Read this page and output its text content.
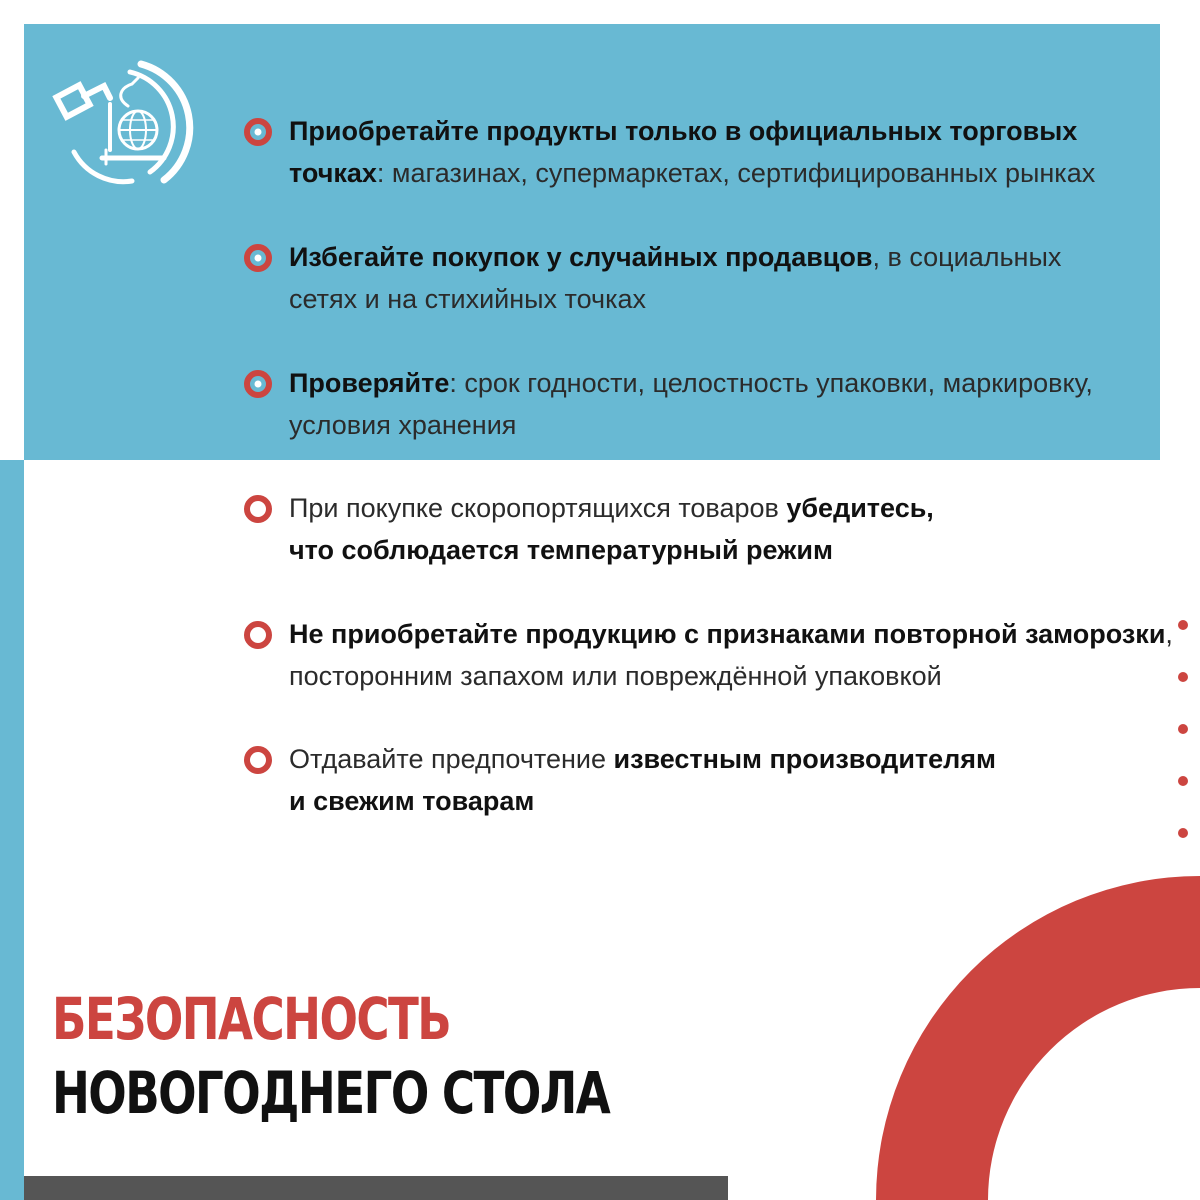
Приобретайте продукты только в официальных торговых точках: магазинах, супермаркетах, сертифицированных рынках
Избегайте покупок у случайных продавцов, в социальных сетях и на стихийных точках
Проверяйте: срок годности, целостность упаковки, маркировку, условия хранения
При покупке скоропортящихся товаров убедитесь,
что соблюдается температурный режим
Не приобретайте продукцию с признаками повторной заморозки, посторонним запахом или повреждённой упаковкой
Отдавайте предпочтение известным производителям
и свежим товарам
БЕЗОПАСНОСТЬ
НОВОГОДНЕГО СТОЛА
